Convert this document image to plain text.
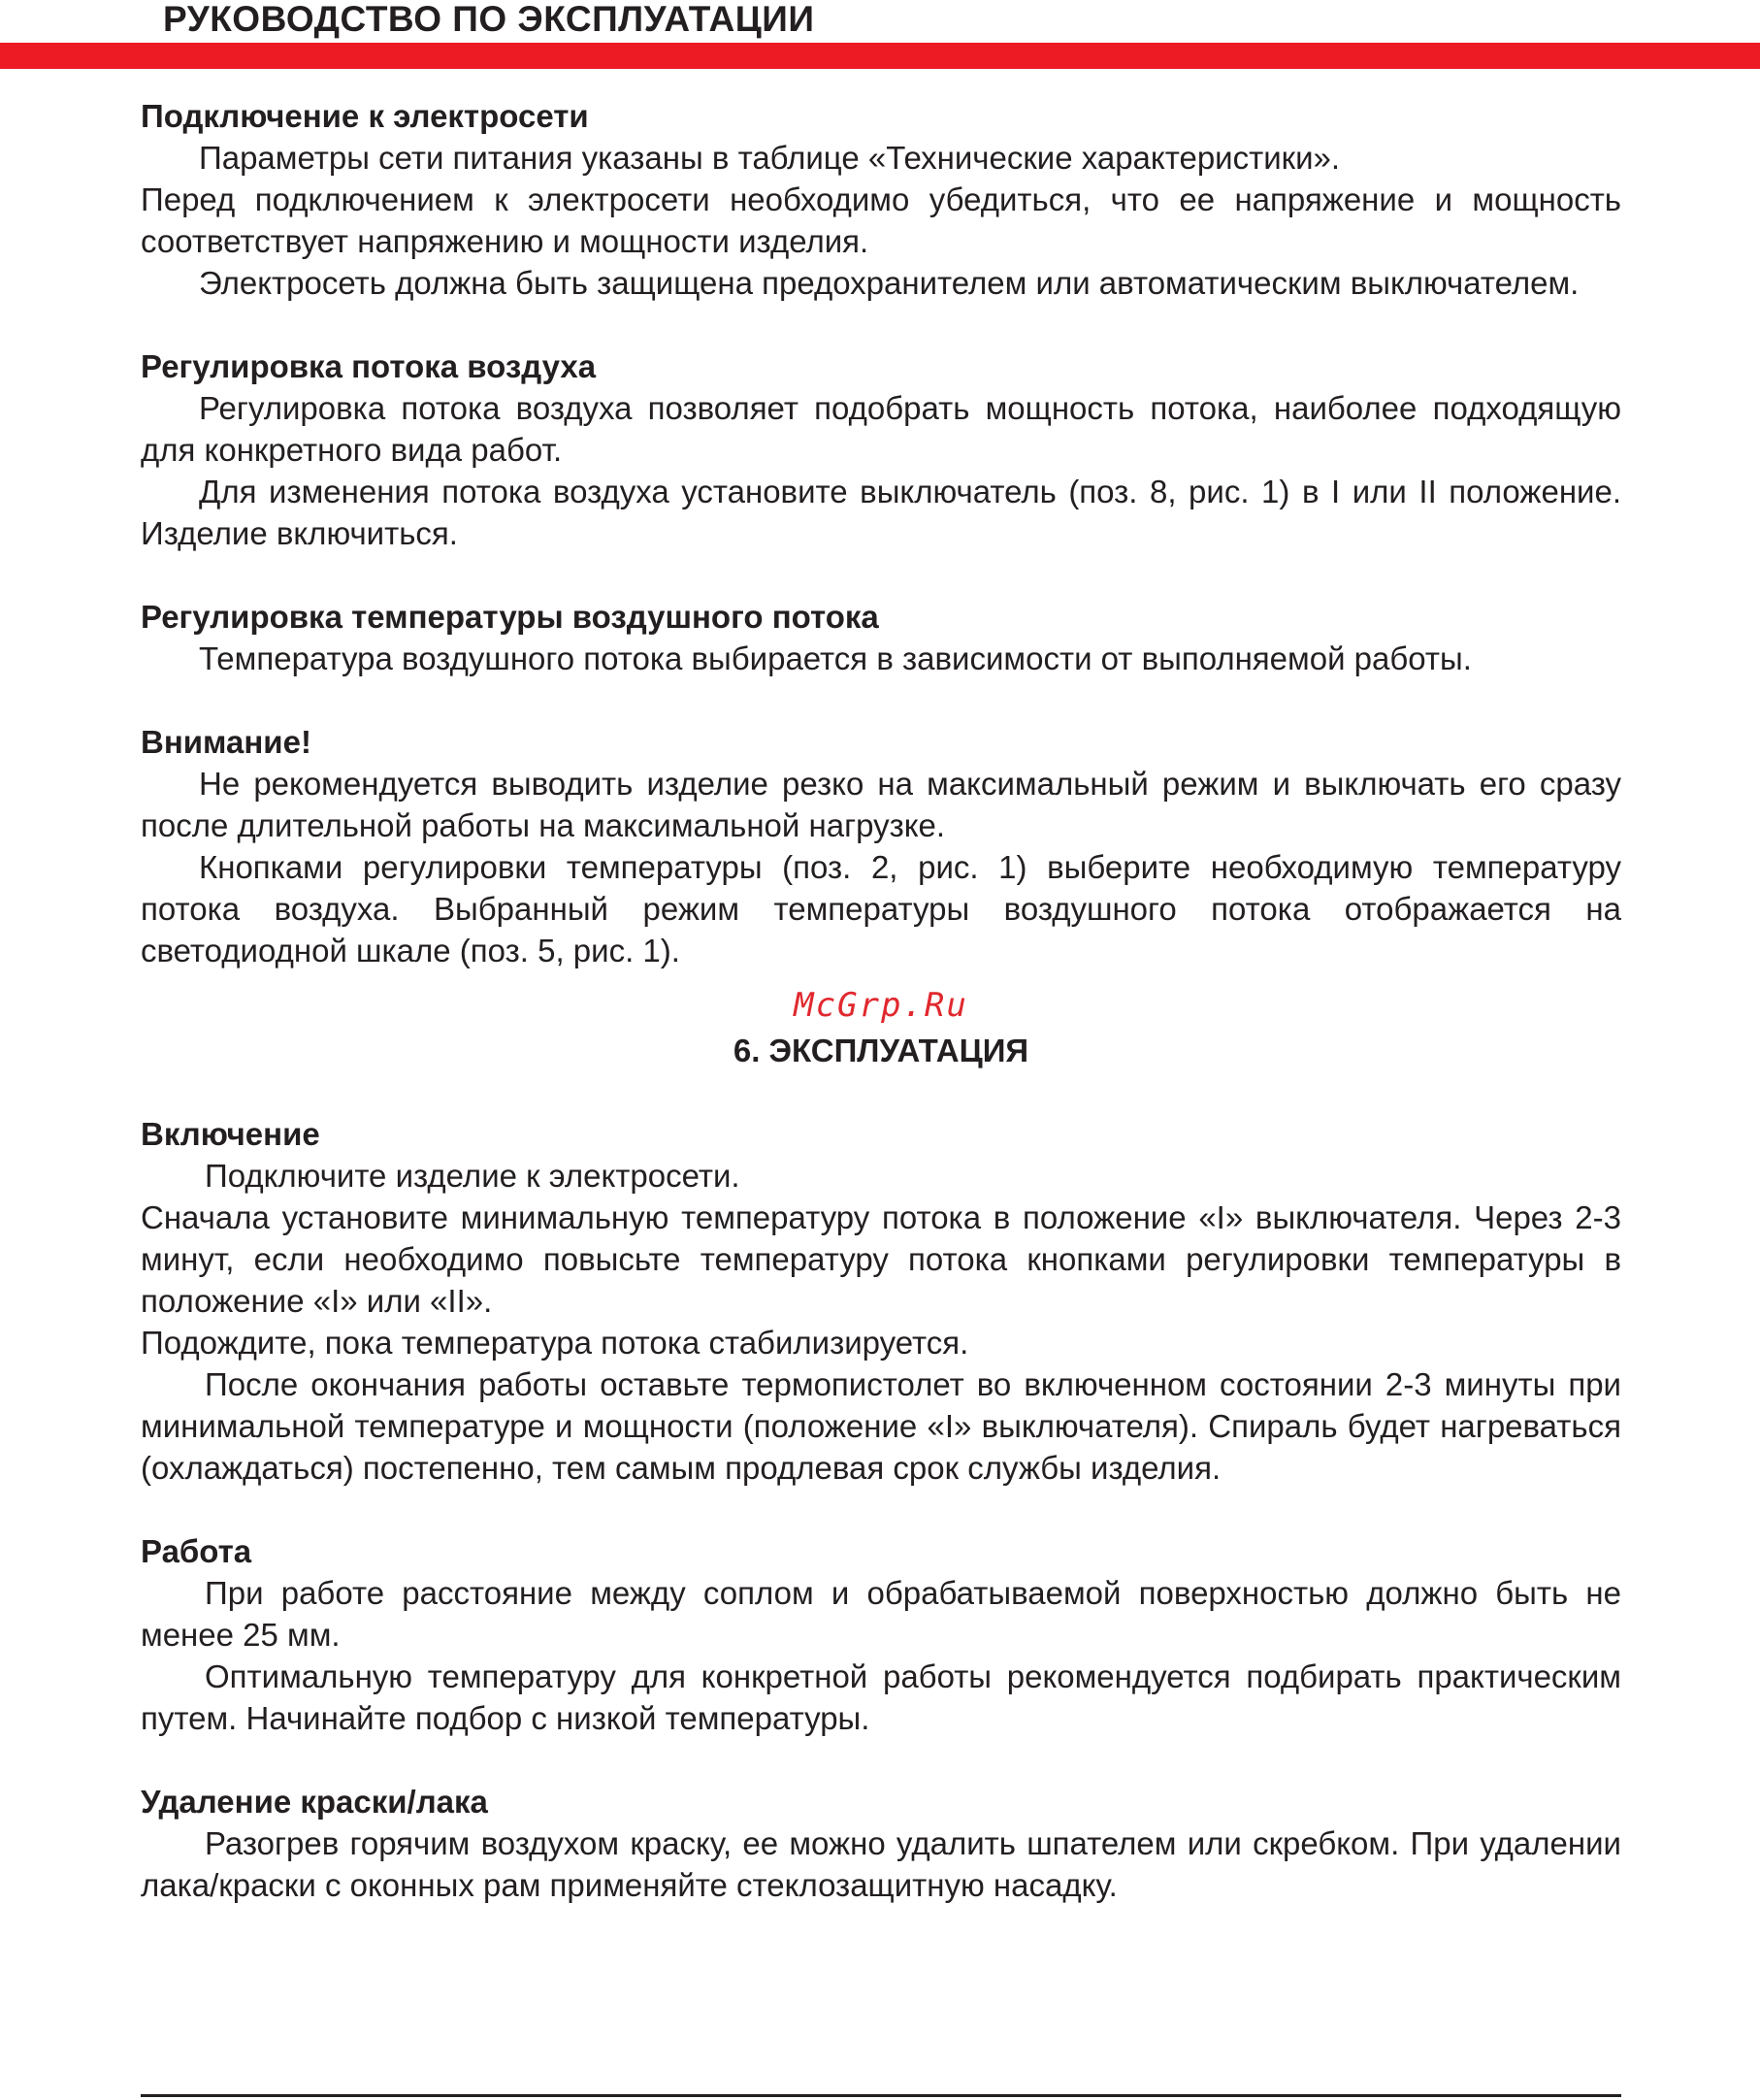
РУКОВОДСТВО ПО ЭКСПЛУАТАЦИИ
Подключение к электросети

Параметры сети питания указаны в таблице «Технические характеристики».

Перед подключением к электросети необходимо убедиться, что ее напряжение и мощность соответствует напряжению и мощности изделия.

Электросеть должна быть защищена предохранителем или автоматическим выключателем.

Регулировка потока воздуха

Регулировка потока воздуха позволяет подобрать мощность потока, наиболее подходящую для конкретного вида работ.

Для изменения потока воздуха установите выключатель (поз. 8, рис. 1) в I или II положение. Изделие включиться.

Регулировка температуры воздушного потока

Температура воздушного потока выбирается в зависимости от выполняемой работы.

Внимание!

Не рекомендуется выводить изделие резко на максимальный режим и выключать его сразу после длительной работы на максимальной нагрузке.

Кнопками регулировки температуры (поз. 2, рис. 1) выберите необходимую температуру потока воздуха. Выбранный режим температуры воздушного потока отображается на светодиодной шкале (поз. 5, рис. 1).

McGrp.Ru

6. ЭКСПЛУАТАЦИЯ
Включение

Подключите изделие к электросети.

Сначала установите минимальную температуру потока в положение «I» выключателя. Через 2-3 минут, если необходимо повысьте температуру потока кнопками регулировки температуры в положение «I» или «II».

Подождите, пока температура потока стабилизируется.

После окончания работы оставьте термопистолет во включенном состоянии 2-3 минуты при минимальной температуре и мощности (положение «I» выключателя). Спираль будет нагреваться (охлаждаться) постепенно, тем самым продлевая срок службы изделия.

Работа

При работе расстояние между соплом и обрабатываемой поверхностью должно быть не менее 25 мм.

Оптимальную температуру для конкретной работы рекомендуется подбирать практическим путем. Начинайте подбор с низкой температуры.

Удаление краски/лака

Разогрев горячим воздухом краску, ее можно удалить шпателем или скребком. При удалении лака/краски с оконных рам применяйте стеклозащитную насадку.
